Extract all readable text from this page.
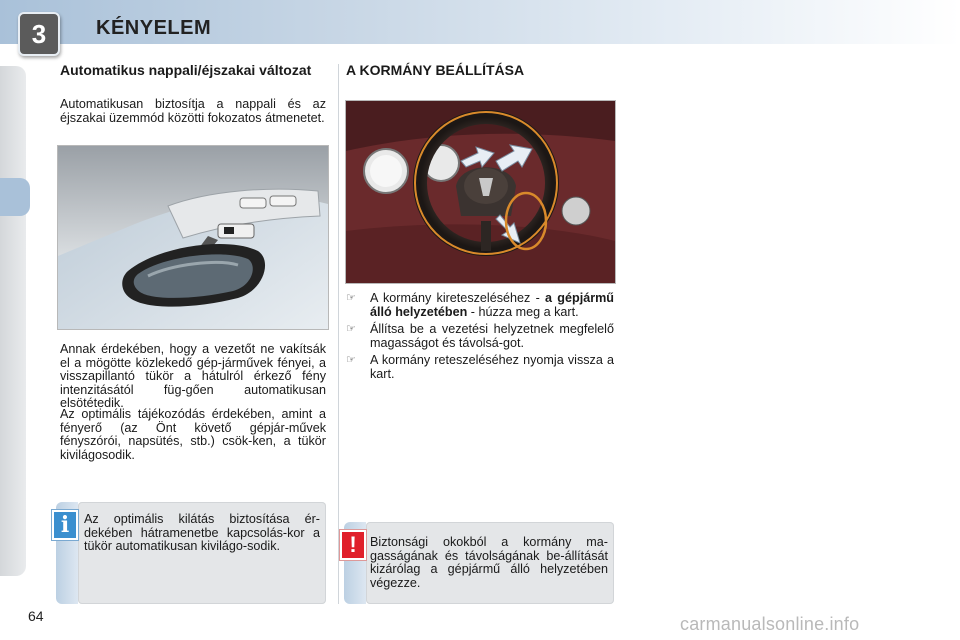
3	KÉNYELEM
Automatikus nappali/éjszakai változat

Automatikusan biztosítja a nappali és az éjszakai üzemmód közötti fokozatos átmenetet.

Annak érdekében, hogy a vezetőt ne vakítsák el a mögötte közlekedő gép-járművek fényei, a visszapillantó tükör a hátulról érkező fény intenzitásától füg-gően automatikusan elsötétedik.

Az optimális tájékozódás érdekében, amint a fényerő (az Önt követő gépjár-művek fényszórói, napsütés, stb.) csök-ken, a tükör kivilágosodik.

i	Az optimális kilátás biztosítása ér-dekében hátramenetbe kapcsolás-kor a tükör automatikusan kivilágo-sodik.

A KORMÁNY BEÁLLÍTÁSA
☞ A kormány kireteszeléséhez - a gépjármű álló helyzetében - húzza meg a kart.
☞ Állítsa be a vezetési helyzetnek megfelelő magasságot és távolsá-got.
☞ A kormány reteszeléséhez nyomja vissza a kart.
!	Biztonsági okokból a kormány ma-gasságának és távolságának be-állítását kizárólag a gépjármű álló helyzetében végezze.

64	carmanualsonline.info
